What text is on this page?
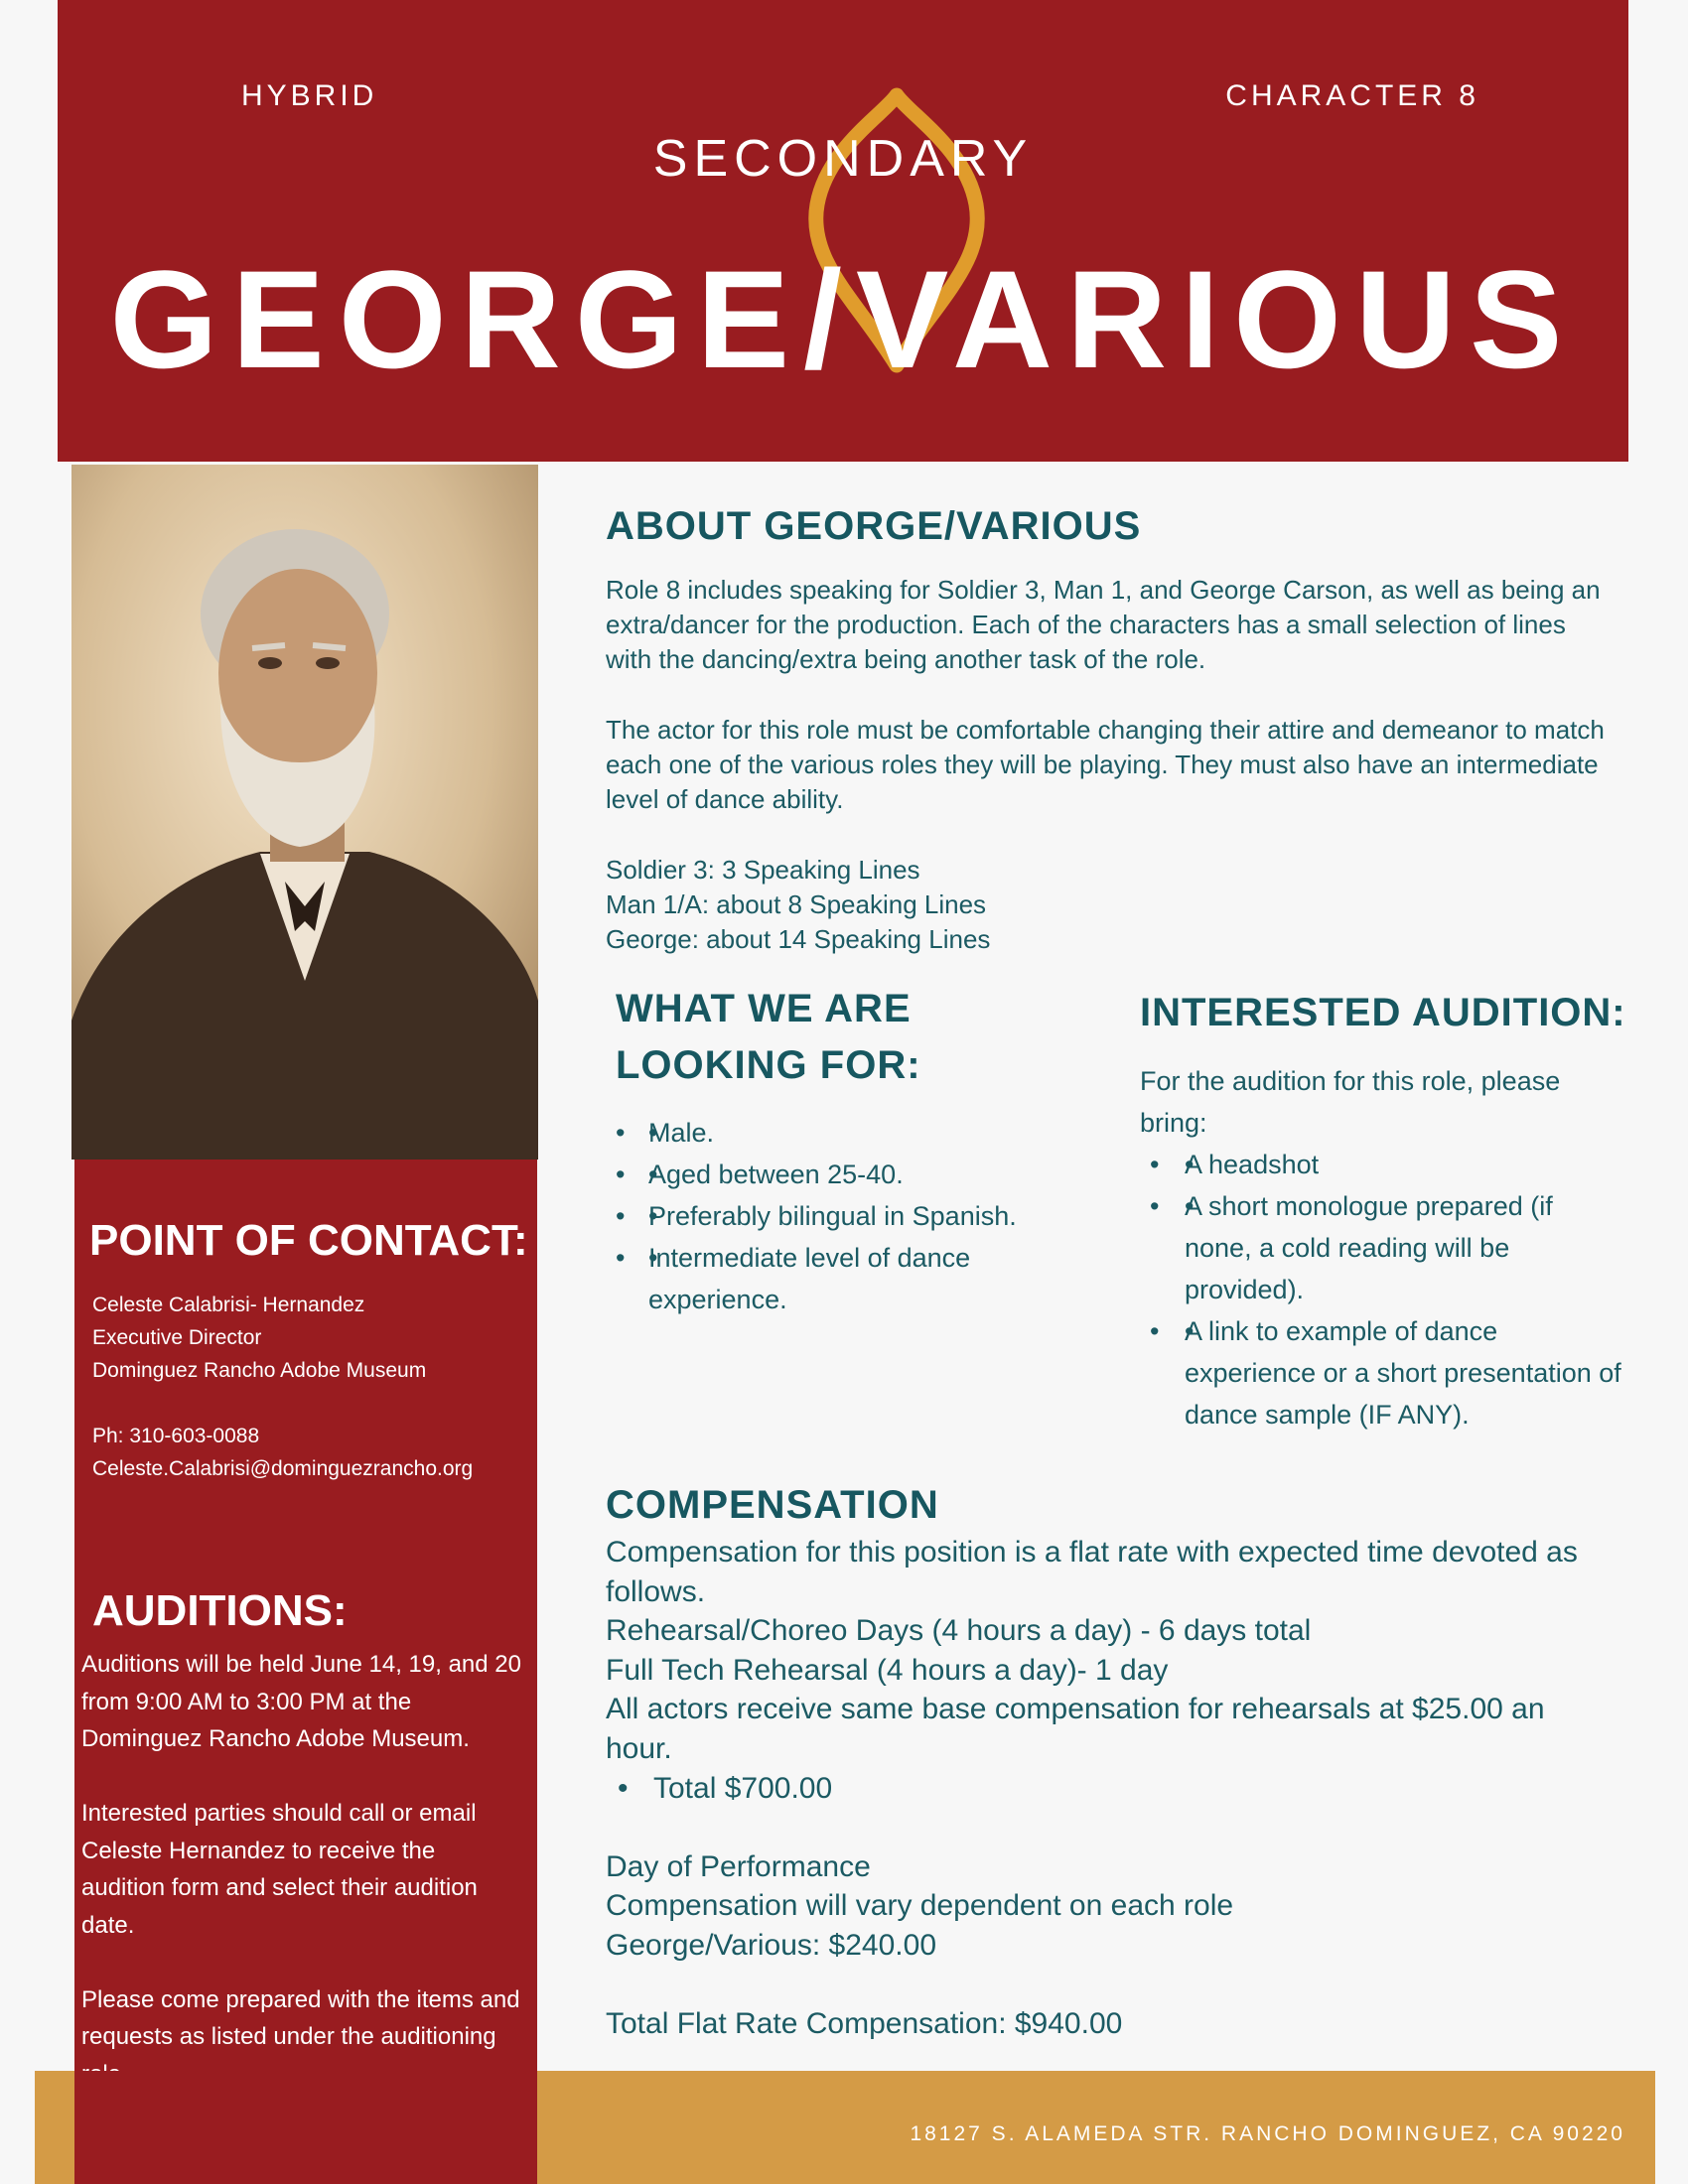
HYBRID	CHARACTER 8
SECONDARY
GEORGE/VARIOUS
POINT OF CONTACT:
Celeste Calabrisi- Hernandez
Executive Director
Dominguez Rancho Adobe Museum
Ph: 310-603-0088
Celeste.Calabrisi@dominguezrancho.org
AUDITIONS:

Auditions will be held June 14, 19, and 20 from 9:00 AM to 3:00 PM at the Dominguez Rancho Adobe Museum.

Interested parties should call or email Celeste Hernandez to receive the audition form and select their audition date.

Please come prepared with the items and requests as listed under the auditioning

ABOUT GEORGE/VARIOUS

Role 8 includes speaking for Soldier 3, Man 1, and George Carson, as well as being an extra/dancer for the production. Each of the characters has a small selection of lines with the dancing/extra being another task of the role.

The actor for this role must be comfortable changing their attire and demeanor to match each one of the various roles they will be playing. They must also have an intermediate level of dance ability.

Soldier 3: 3 Speaking Lines

Man 1/A: about 8 Speaking Lines

George: about 14 Speaking Lines

WHAT WE ARE
LOOKING FOR:
• • Male.
• • Aged between 25-40.
• • Preferably bilingual in Spanish.
• • Intermediate level of dance experience.
INTERESTED AUDITION:

For the audition for this role, please bring:

• • A headshot
• • A short monologue prepared (if none, a cold reading will be provided).
• • A link to example of dance experience or a short presentation of dance sample (IF ANY).
COMPENSATION

Compensation for this position is a flat rate with expected time devoted as follows.

Rehearsal/Choreo Days (4 hours a day) - 6 days total

Full Tech Rehearsal (4 hours a day)- 1 day

All actors receive same base compensation for rehearsals at $25.00 an hour.

• Total $700.00

Day of Performance

Compensation will vary dependent on each role

George/Various: $240.00

Total Flat Rate Compensation: $940.00

18127 S. ALAMEDA STR. RANCHO DOMINGUEZ, CA 90220
